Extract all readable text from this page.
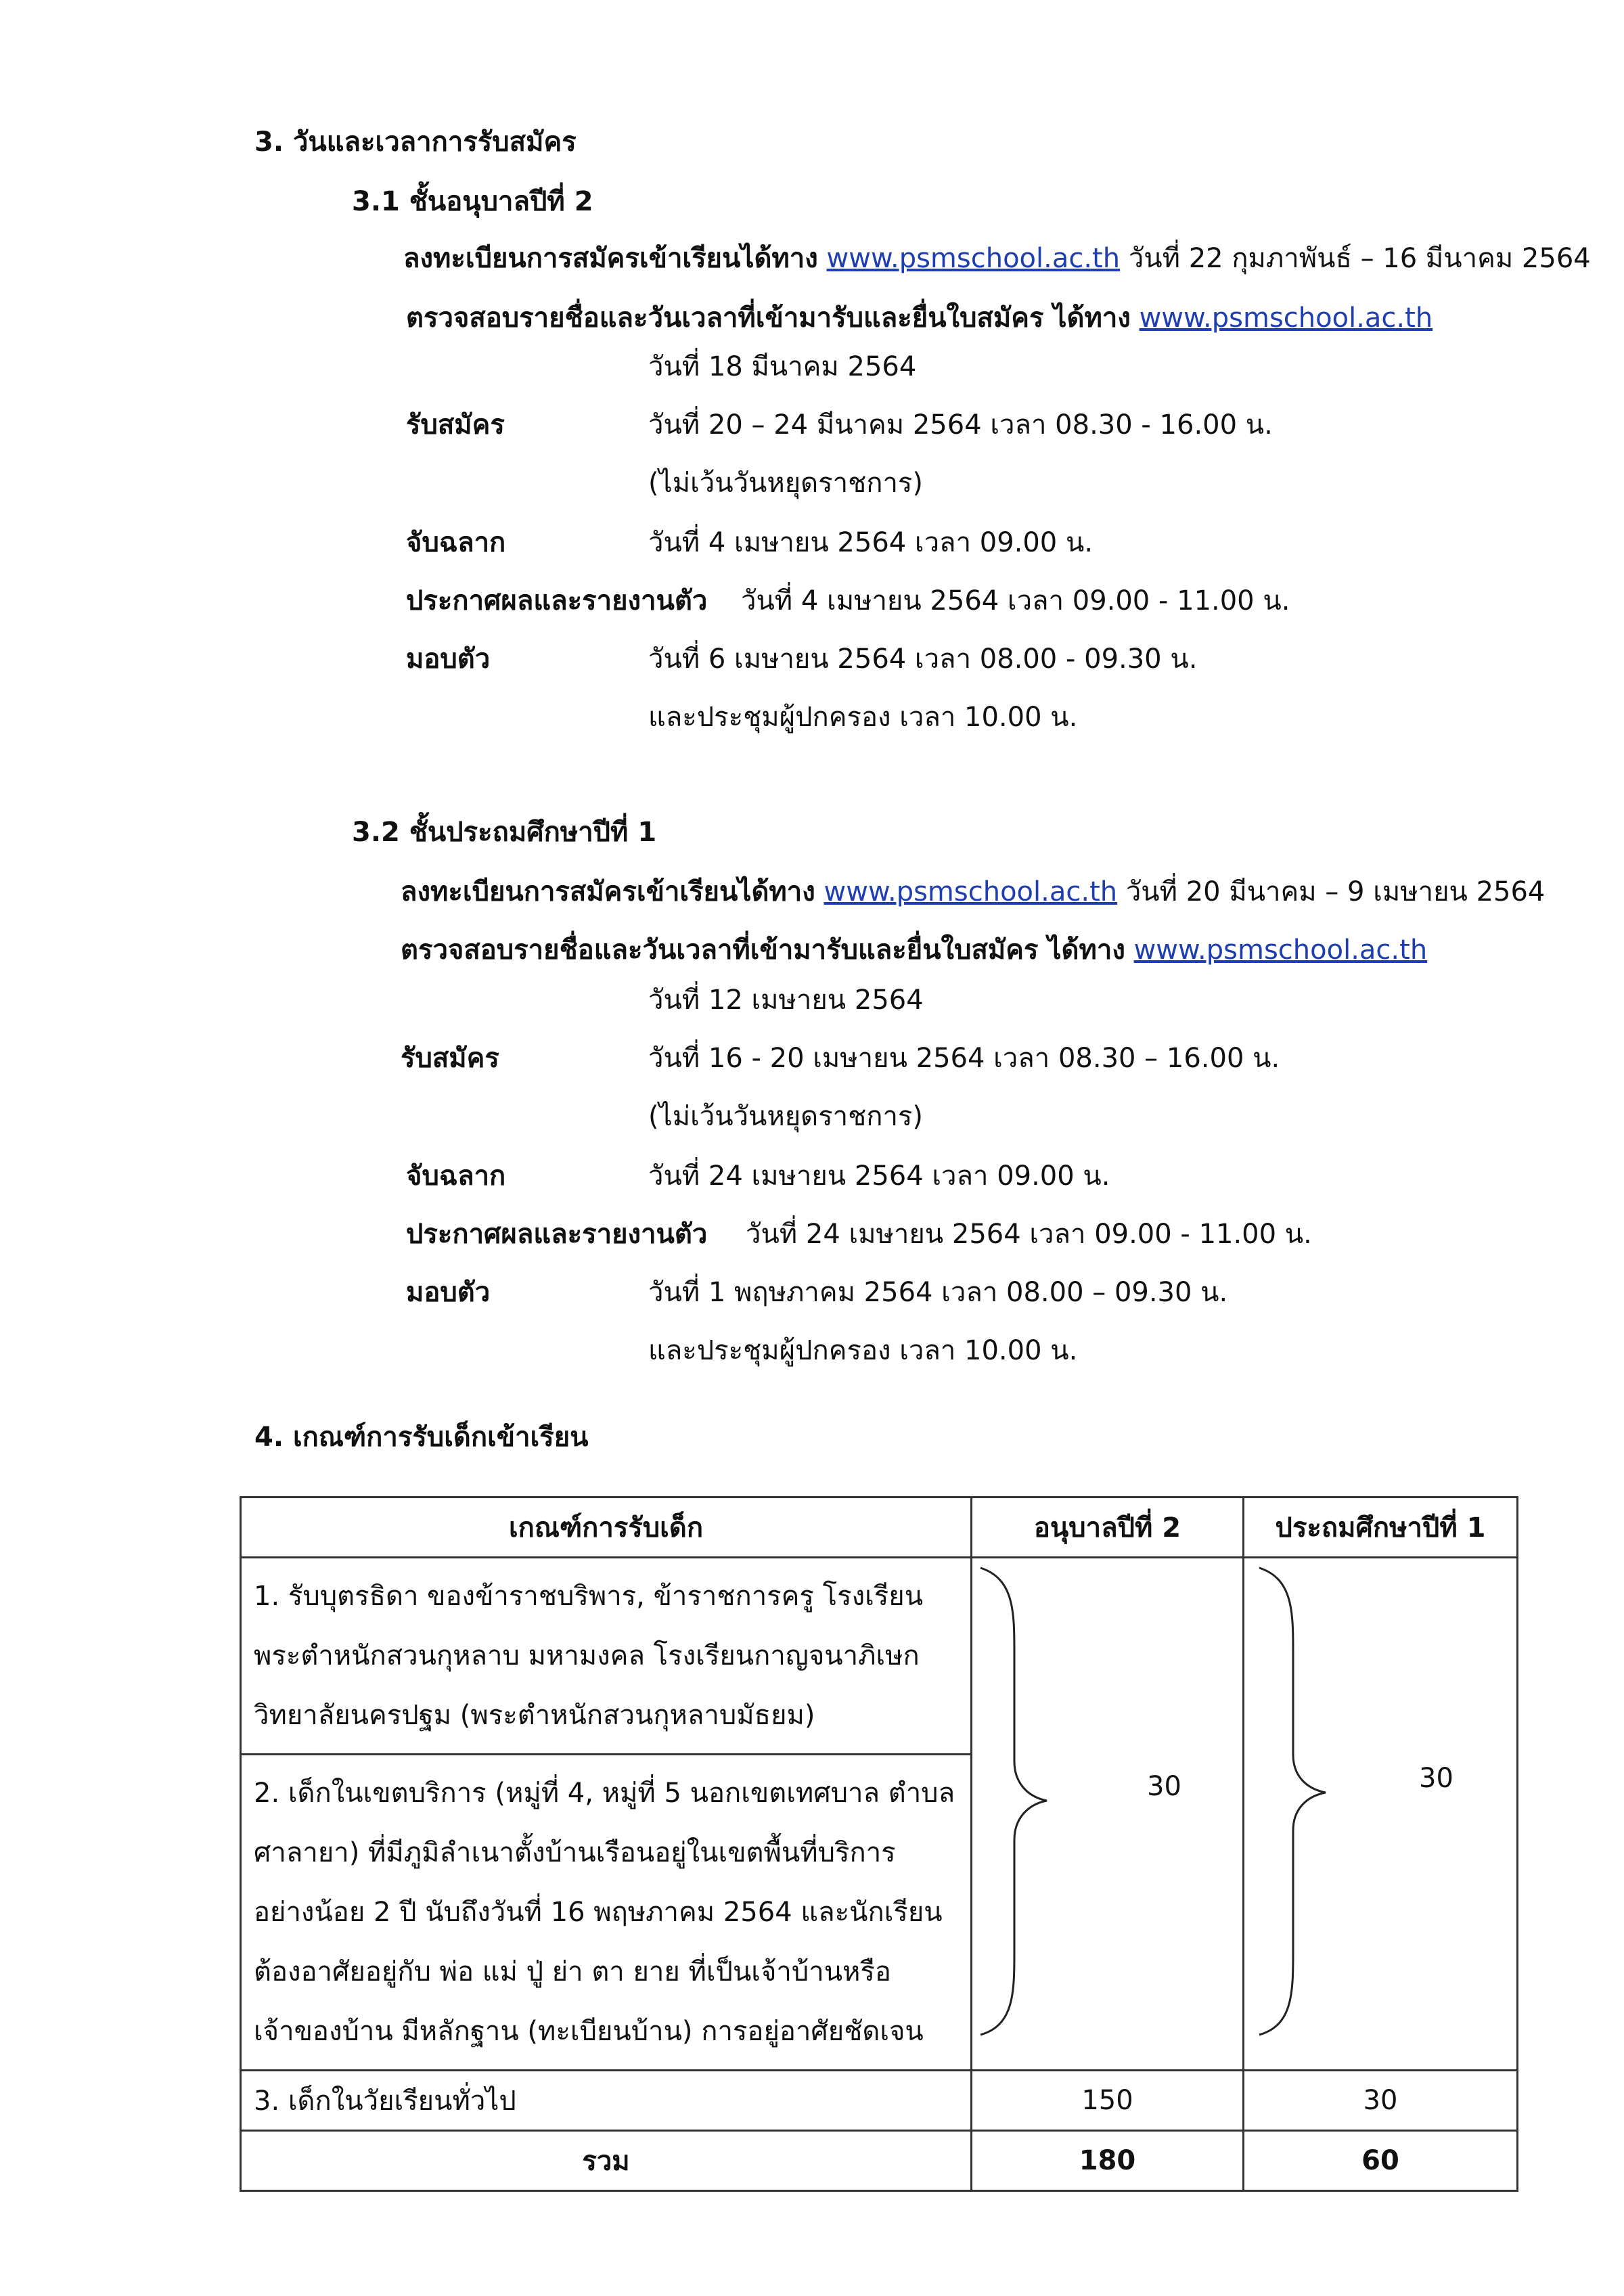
3. วันและเวลาการรับสมัคร
3.1 ชั้นอนุบาลปีที่ 2
ลงทะเบียนการสมัครเข้าเรียนได้ทาง www.psmschool.ac.th วันที่ 22 กุมภาพันธ์ – 16 มีนาคม 2564
ตรวจสอบรายชื่อและวันเวลาที่เข้ามารับและยื่นใบสมัคร ได้ทาง www.psmschool.ac.th
วันที่ 18 มีนาคม 2564
รับสมัคร	วันที่ 20 – 24 มีนาคม 2564 เวลา 08.30 - 16.00 น.
(ไม่เว้นวันหยุดราชการ)
จับฉลาก	วันที่ 4 เมษายน 2564 เวลา 09.00 น.
ประกาศผลและรายงานตัว วันที่ 4 เมษายน 2564 เวลา 09.00 - 11.00 น.
มอบตัว	วันที่ 6 เมษายน 2564 เวลา 08.00 - 09.30 น.
และประชุมผู้ปกครอง เวลา 10.00 น.
3.2 ชั้นประถมศึกษาปีที่ 1
ลงทะเบียนการสมัครเข้าเรียนได้ทาง www.psmschool.ac.th วันที่ 20 มีนาคม – 9 เมษายน 2564
ตรวจสอบรายชื่อและวันเวลาที่เข้ามารับและยื่นใบสมัคร ได้ทาง www.psmschool.ac.th
วันที่ 12 เมษายน 2564
รับสมัคร	วันที่ 16 - 20 เมษายน 2564 เวลา 08.30 – 16.00 น.
(ไม่เว้นวันหยุดราชการ)
จับฉลาก	วันที่ 24 เมษายน 2564 เวลา 09.00 น.
ประกาศผลและรายงานตัว วันที่ 24 เมษายน 2564 เวลา 09.00 - 11.00 น.
มอบตัว	วันที่ 1 พฤษภาคม 2564 เวลา 08.00 – 09.30 น.
และประชุมผู้ปกครอง เวลา 10.00 น.
4. เกณฑ์การรับเด็กเข้าเรียน
เกณฑ์การรับเด็ก	อนุบาลปีที่ 2	ประถมศึกษาปีที่ 1

1. รับบุตรธิดา ของข้าราชบริพาร, ข้าราชการครู โรงเรียนพระตำหนักสวนกุหลาบ มหามงคล โรงเรียนกาญจนาภิเษกวิทยาลัยนครปฐม (พระตำหนักสวนกุหลาบมัธยม)	30	30

2. เด็กในเขตบริการ (หมู่ที่ 4, หมู่ที่ 5 นอกเขตเทศบาล ตำบลศาลายา) ที่มีภูมิลำเนาตั้งบ้านเรือนอยู่ในเขตพื้นที่บริการ อย่างน้อย 2 ปี นับถึงวันที่ 16 พฤษภาคม 2564 และนักเรียนต้องอาศัยอยู่กับ พ่อ แม่ ปู่ ย่า ตา ยาย ที่เป็นเจ้าบ้านหรือเจ้าของบ้าน มีหลักฐาน (ทะเบียนบ้าน) การอยู่อาศัยชัดเจน		

3. เด็กในวัยเรียนทั่วไป	150	30
รวม	180	60
